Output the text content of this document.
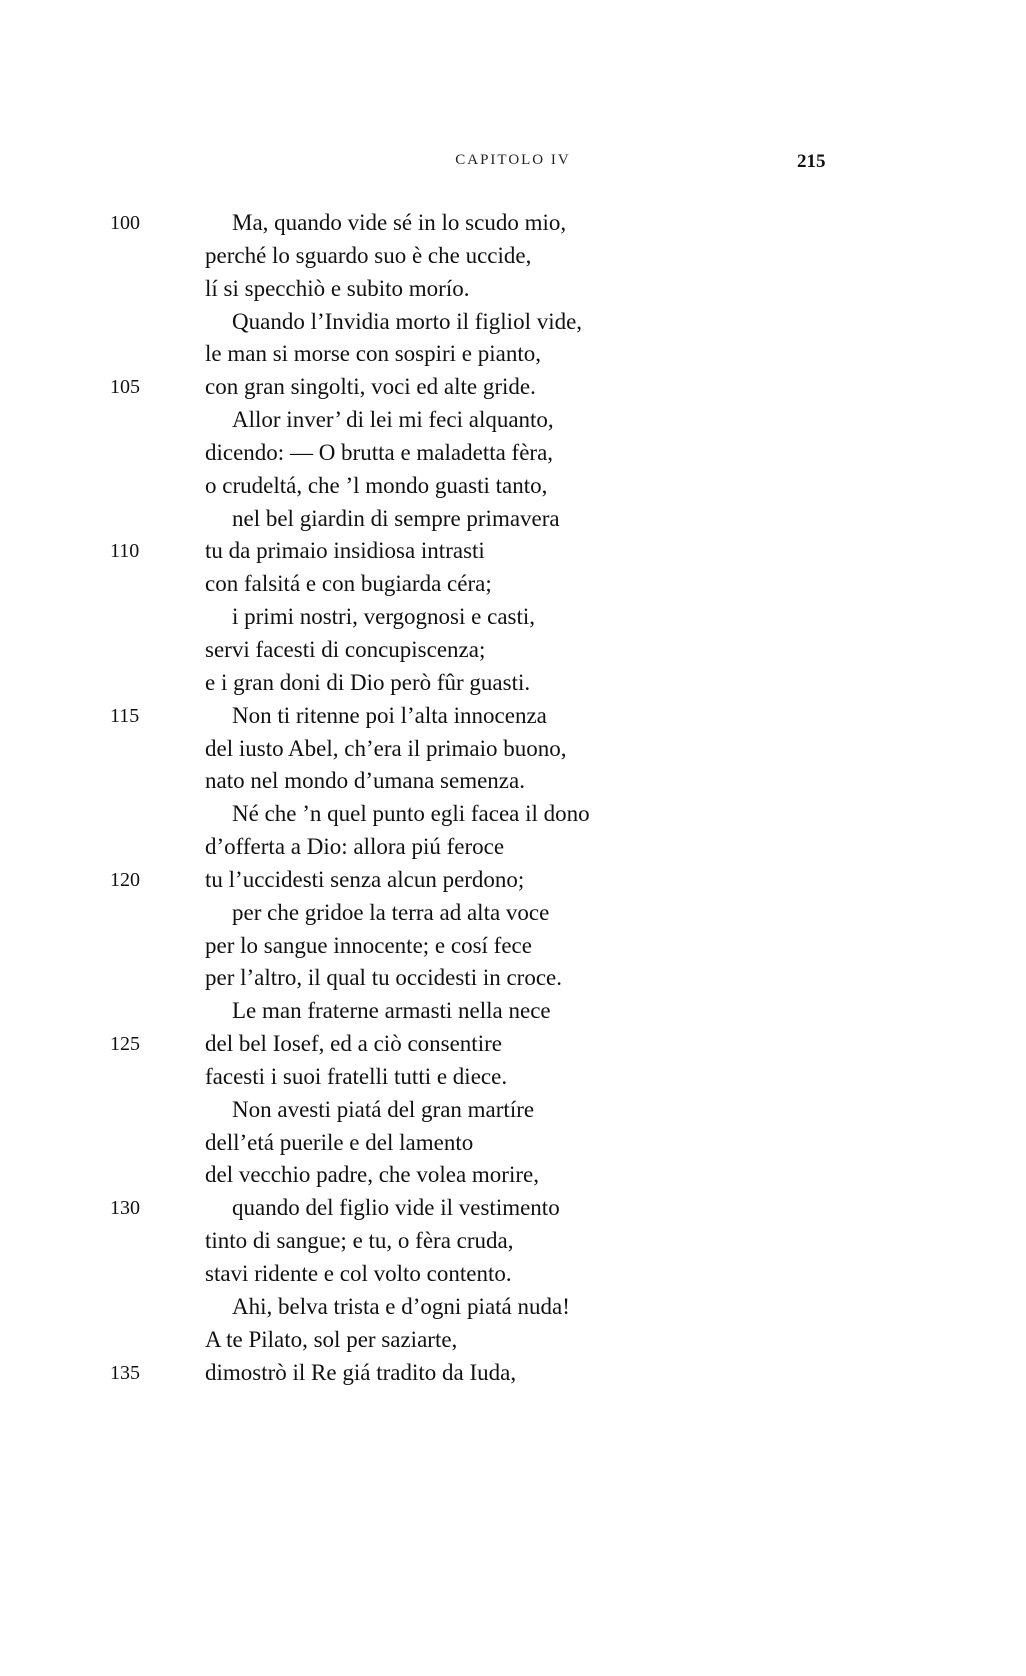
CAPITOLO IV	215
100	Ma, quando vide sé in lo scudo mio,
perché lo sguardo suo è che uccide,
lí si specchiò e subito morío.
Quando l’Invidia morto il figliol vide,
le man si morse con sospiri e pianto,
105	con gran singolti, voci ed alte gride.
Allor inver’ di lei mi feci alquanto,
dicendo: — O brutta e maladetta fèra,
o crudeltá, che ’l mondo guasti tanto,
nel bel giardin di sempre primavera
110	tu da primaio insidiosa intrasti
con falsitá e con bugiarda céra;
i primi nostri, vergognosi e casti,
servi facesti di concupiscenza;
e i gran doni di Dio però fûr guasti.
115	Non ti ritenne poi l’alta innocenza
del iusto Abel, ch’era il primaio buono,
nato nel mondo d’umana semenza.
Né che ’n quel punto egli facea il dono
d’offerta a Dio: allora piú feroce
120	tu l’uccidesti senza alcun perdono;
per che gridoe la terra ad alta voce
per lo sangue innocente; e cosí fece
per l’altro, il qual tu occidesti in croce.
Le man fraterne armasti nella nece
125	del bel Iosef, ed a ciò consentire
facesti i suoi fratelli tutti e diece.
Non avesti piatá del gran martíre
dell’etá puerile e del lamento
del vecchio padre, che volea morire,
130	quando del figlio vide il vestimento
tinto di sangue; e tu, o fèra cruda,
stavi ridente e col volto contento.
Ahi, belva trista e d’ogni piatá nuda!
A te Pilato, sol per saziarte,
135	dimostrò il Re giá tradito da Iuda,
